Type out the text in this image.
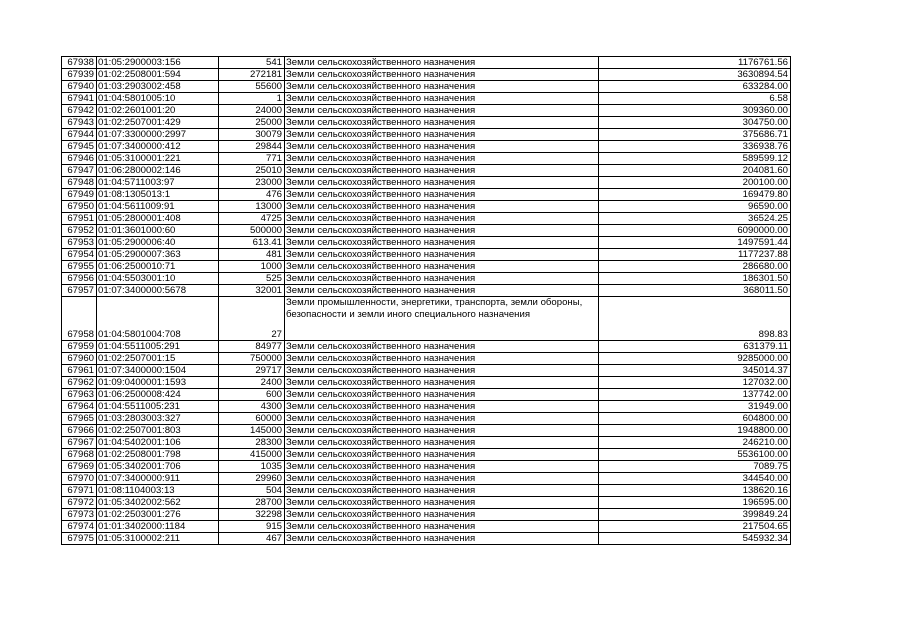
67938	01:05:2900003:156	541	Земли сельскохозяйственного назначения	1176761.56
67939	01:02:2508001:594	272181	Земли сельскохозяйственного назначения	3630894.54
67940	01:03:2903002:458	55600	Земли сельскохозяйственного назначения	633284.00
67941	01:04:5801005:10	1	Земли сельскохозяйственного назначения	6.58
67942	01:02:2601001:20	24000	Земли сельскохозяйственного назначения	309360.00
67943	01:02:2507001:429	25000	Земли сельскохозяйственного назначения	304750.00
67944	01:07:3300000:2997	30079	Земли сельскохозяйственного назначения	375686.71
67945	01:07:3400000:412	29844	Земли сельскохозяйственного назначения	336938.76
67946	01:05:3100001:221	771	Земли сельскохозяйственного назначения	589599.12
67947	01:06:2800002:146	25010	Земли сельскохозяйственного назначения	204081.60
67948	01:04:5711003:97	23000	Земли сельскохозяйственного назначения	200100.00
67949	01:08:1305013:1	476	Земли сельскохозяйственного назначения	169479.80
67950	01:04:5611009:91	13000	Земли сельскохозяйственного назначения	96590.00
67951	01:05:2800001:408	4725	Земли сельскохозяйственного назначения	36524.25
67952	01:01:3601000:60	500000	Земли сельскохозяйственного назначения	6090000.00
67953	01:05:2900006:40	613.41	Земли сельскохозяйственного назначения	1497591.44
67954	01:05:2900007:363	481	Земли сельскохозяйственного назначения	1177237.88
67955	01:06:2500010:71	1000	Земли сельскохозяйственного назначения	286680.00
67956	01:04:5503001:10	525	Земли сельскохозяйственного назначения	186301.50
67957	01:07:3400000:5678	32001	Земли сельскохозяйственного назначения	368011.50
67958	01:04:5801004:708	27	Земли промышленности, энергетики, транспорта, земли обороны, безопасности и земли иного специального назначения	898.83
67959	01:04:5511005:291	84977	Земли сельскохозяйственного назначения	631379.11
67960	01:02:2507001:15	750000	Земли сельскохозяйственного назначения	9285000.00
67961	01:07:3400000:1504	29717	Земли сельскохозяйственного назначения	345014.37
67962	01:09:0400001:1593	2400	Земли сельскохозяйственного назначения	127032.00
67963	01:06:2500008:424	600	Земли сельскохозяйственного назначения	137742.00
67964	01:04:5511005:231	4300	Земли сельскохозяйственного назначения	31949.00
67965	01:03:2803003:327	60000	Земли сельскохозяйственного назначения	604800.00
67966	01:02:2507001:803	145000	Земли сельскохозяйственного назначения	1948800.00
67967	01:04:5402001:106	28300	Земли сельскохозяйственного назначения	246210.00
67968	01:02:2508001:798	415000	Земли сельскохозяйственного назначения	5536100.00
67969	01:05:3402001:706	1035	Земли сельскохозяйственного назначения	7089.75
67970	01:07:3400000:911	29960	Земли сельскохозяйственного назначения	344540.00
67971	01:08:1104003:13	504	Земли сельскохозяйственного назначения	138620.16
67972	01:05:3402002:562	28700	Земли сельскохозяйственного назначения	196595.00
67973	01:02:2503001:276	32298	Земли сельскохозяйственного назначения	399849.24
67974	01:01:3402000:1184	915	Земли сельскохозяйственного назначения	217504.65
67975	01:05:3100002:211	467	Земли сельскохозяйственного назначения	545932.34
